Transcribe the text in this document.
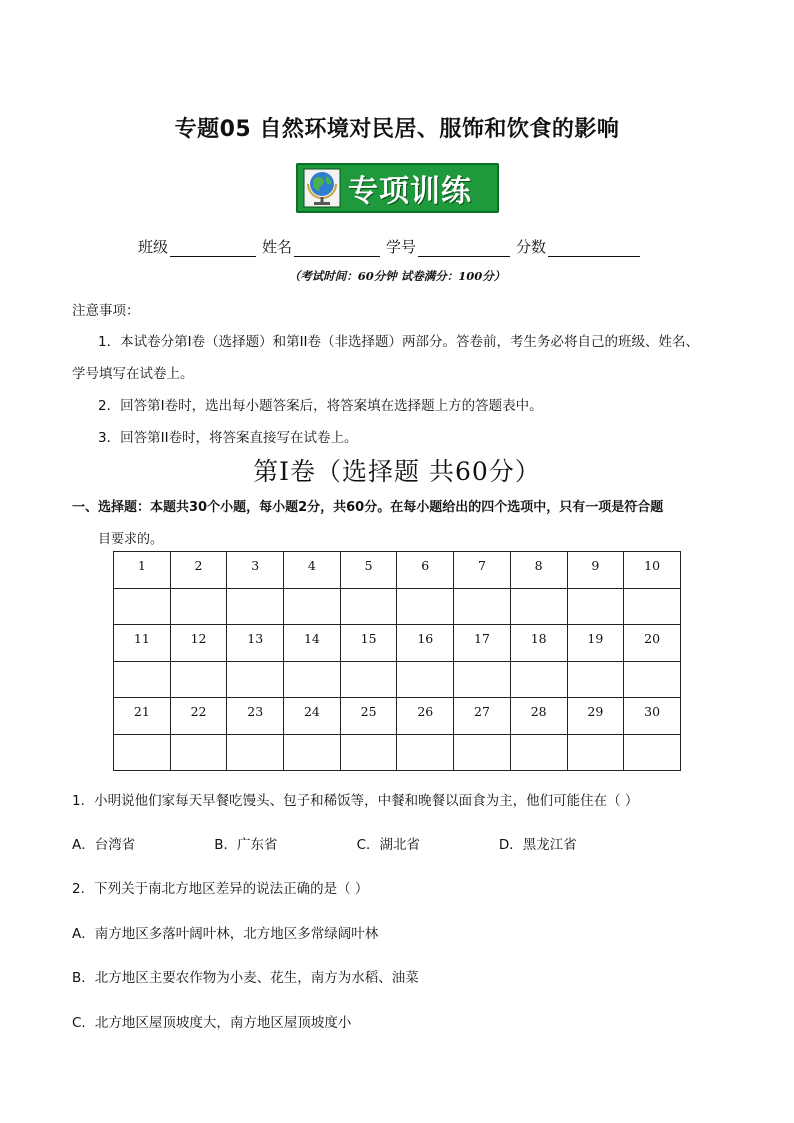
专题05 自然环境对民居、服饰和饮食的影响
专项训练
班级	姓名	学号	分数
（考试时间：60分钟 试卷满分：100分）
注意事项：
1．本试卷分第I卷（选择题）和第II卷（非选择题）两部分。答卷前，考生务必将自己的班级、姓名、
学号填写在试卷上。
2．回答第I卷时，选出每小题答案后，将答案填在选择题上方的答题表中。
3．回答第II卷时，将答案直接写在试卷上。
第I卷（选择题 共60分）
一、选择题：本题共30个小题，每小题2分，共60分。在每小题给出的四个选项中，只有一项是符合题
目要求的。
1	2	3	4	5	6	7	8	9	10

11	12	13	14	15	16	17	18	19	20

21	22	23	24	25	26	27	28	29	30

1．小明说他们家每天早餐吃馒头、包子和稀饭等，中餐和晚餐以面食为主，他们可能住在（ ）
A．台湾省	B．广东省	C．湖北省	D．黑龙江省
2．下列关于南北方地区差异的说法正确的是（ ）
A．南方地区多落叶阔叶林，北方地区多常绿阔叶林
B．北方地区主要农作物为小麦、花生，南方为水稻、油菜
C．北方地区屋顶坡度大，南方地区屋顶坡度小
